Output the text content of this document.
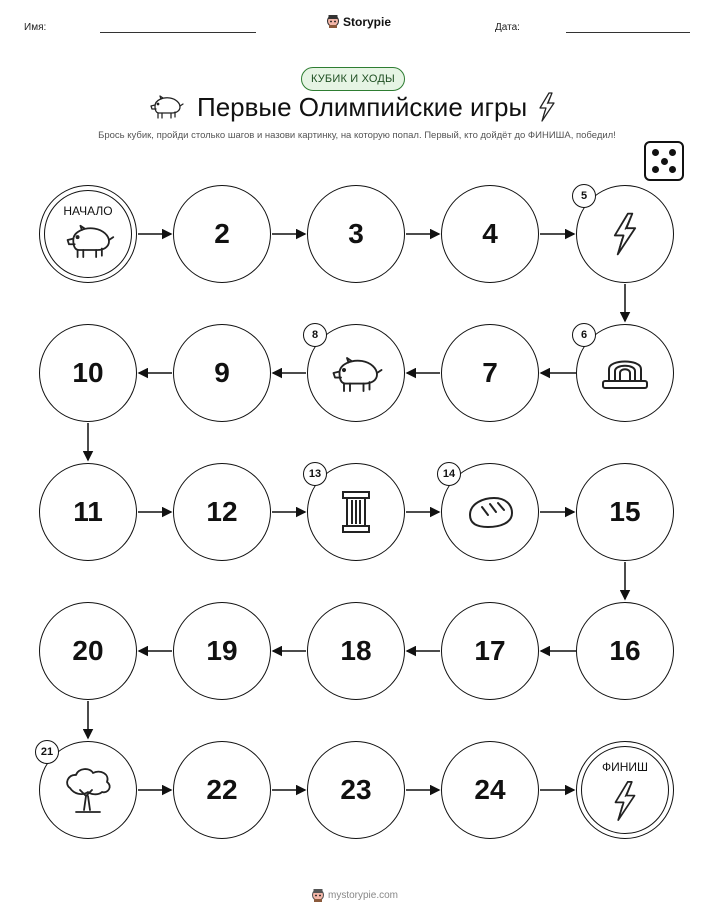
Имя:	Storypie	Дата:
КУБИК И ХОДЫ
Первые Олимпийские игры
Брось кубик, пройди столько шагов и назови картинку, на которую попал. Первый, кто дойдёт до ФИНИША, победил!
НАЧАЛО
2	3	4
5
10	9
8
7
6
11	12
13	14
15
20	19	18	17	16
21
22	23	24
ФИНИШ
mystorypie.com
